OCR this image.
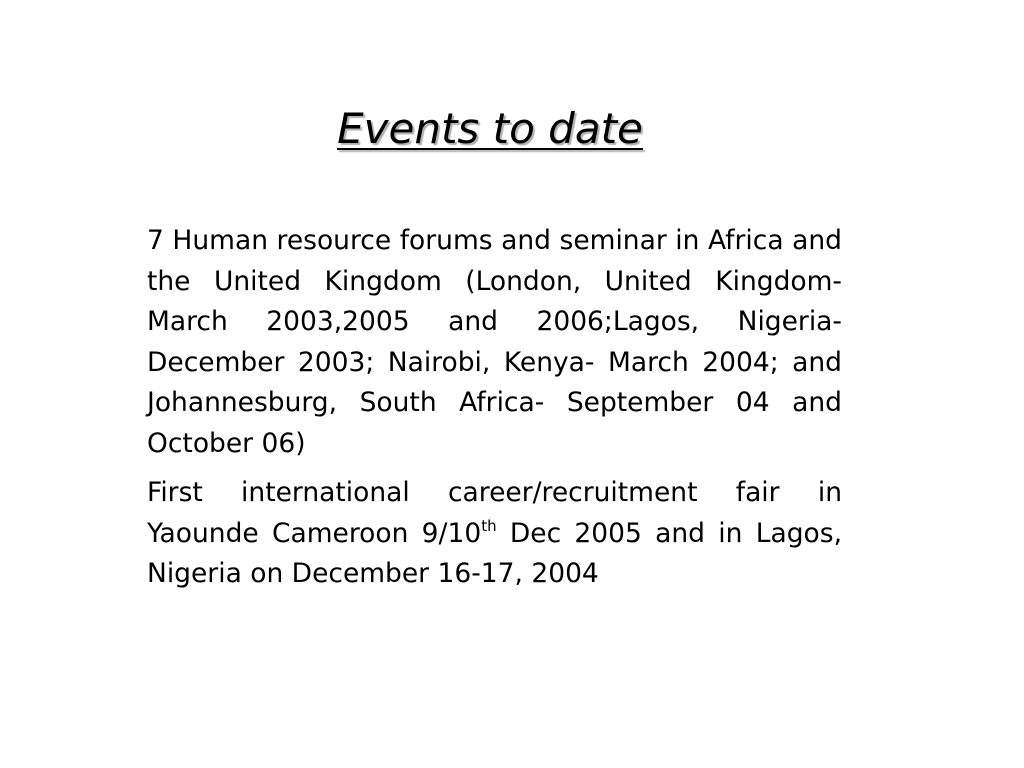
Events to date

7 Human resource forums and seminar in Africa and the United Kingdom (London, United Kingdom- March 2003,2005 and 2006;Lagos, Nigeria- December 2003; Nairobi, Kenya- March 2004; and Johannesburg, South Africa- September 04 and October 06)

First international career/recruitment fair in Yaounde Cameroon 9/10th Dec 2005 and in Lagos, Nigeria on December 16-17, 2004
